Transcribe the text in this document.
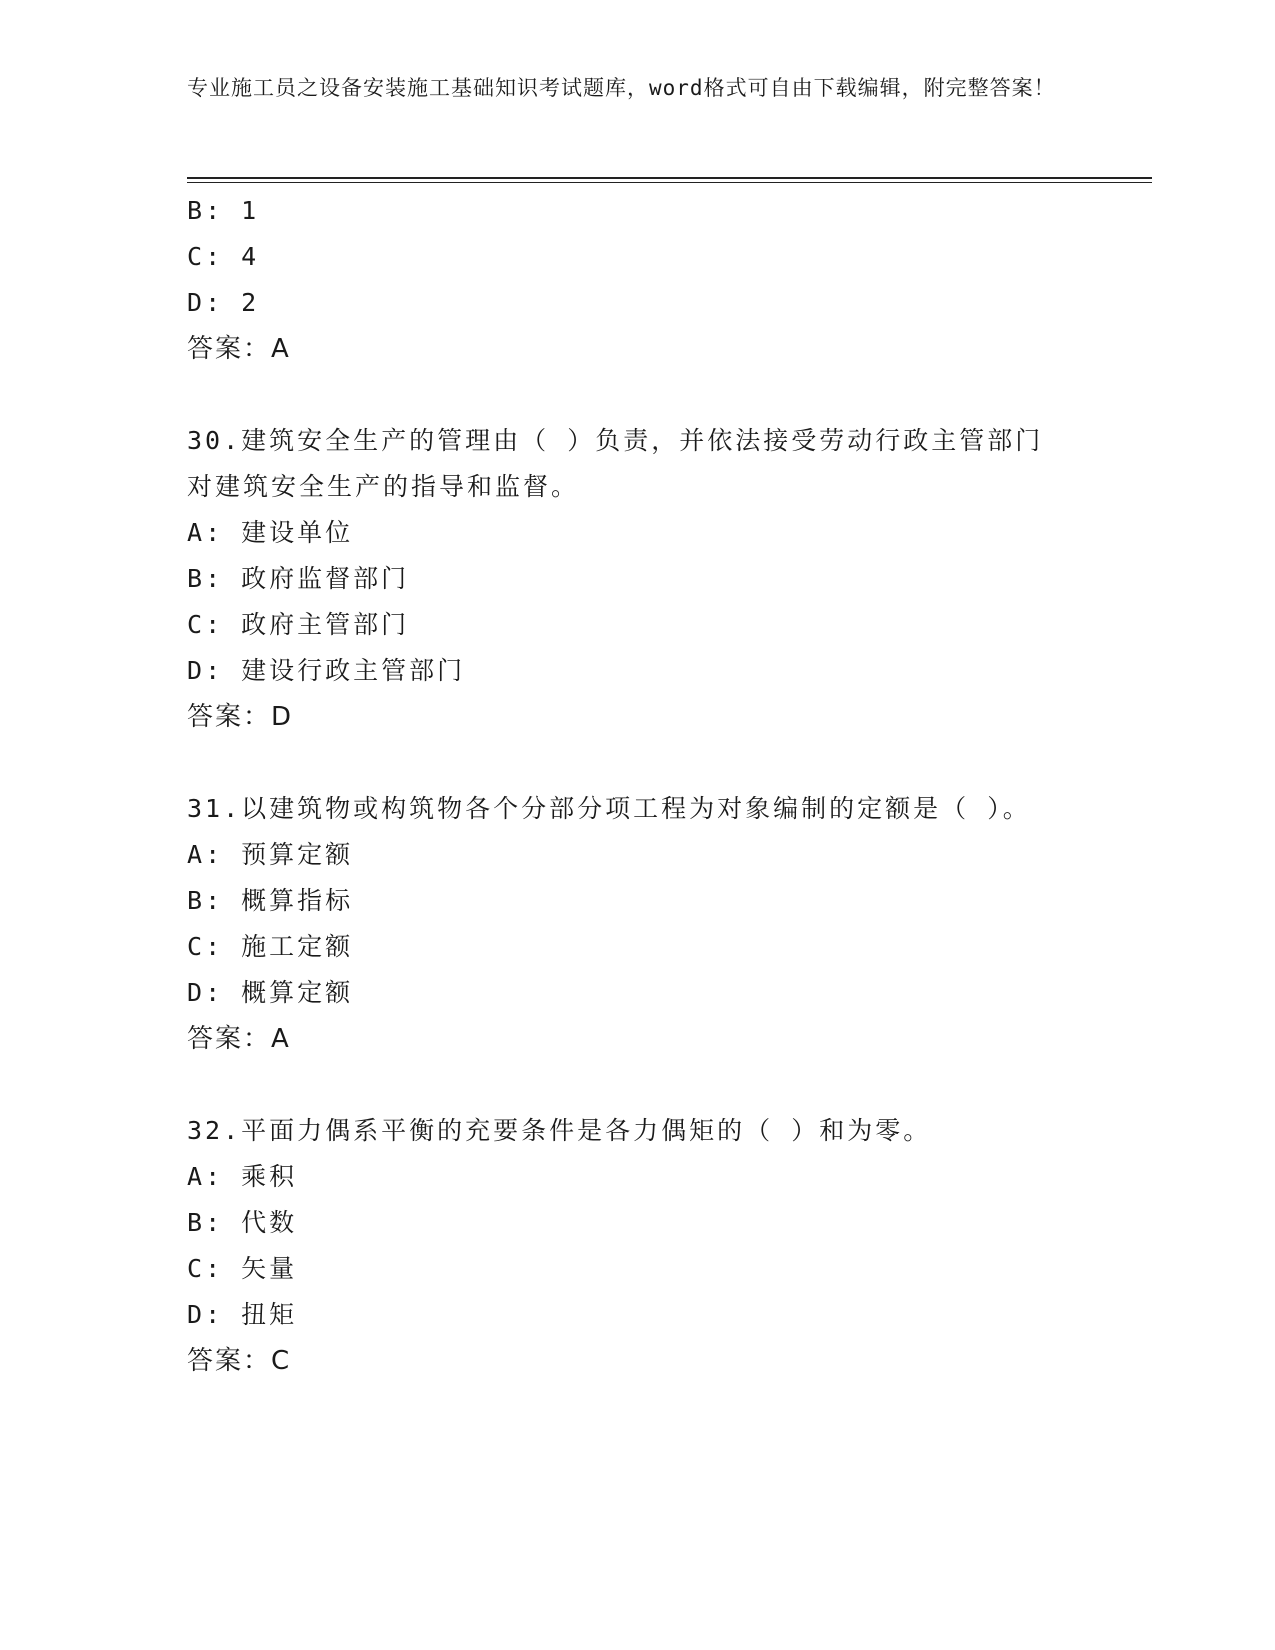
专业施工员之设备安装施工基础知识考试题库，word格式可自由下载编辑，附完整答案！
B: 1
C: 4
D: 2
答案：A
30.建筑安全生产的管理由（ ）负责，并依法接受劳动行政主管部门
对建筑安全生产的指导和监督。
A: 建设单位
B: 政府监督部门
C: 政府主管部门
D: 建设行政主管部门
答案：D
31.以建筑物或构筑物各个分部分项工程为对象编制的定额是（ ）。
A: 预算定额
B: 概算指标
C: 施工定额
D: 概算定额
答案：A
32.平面力偶系平衡的充要条件是各力偶矩的（ ）和为零。
A: 乘积
B: 代数
C: 矢量
D: 扭矩
答案：C
